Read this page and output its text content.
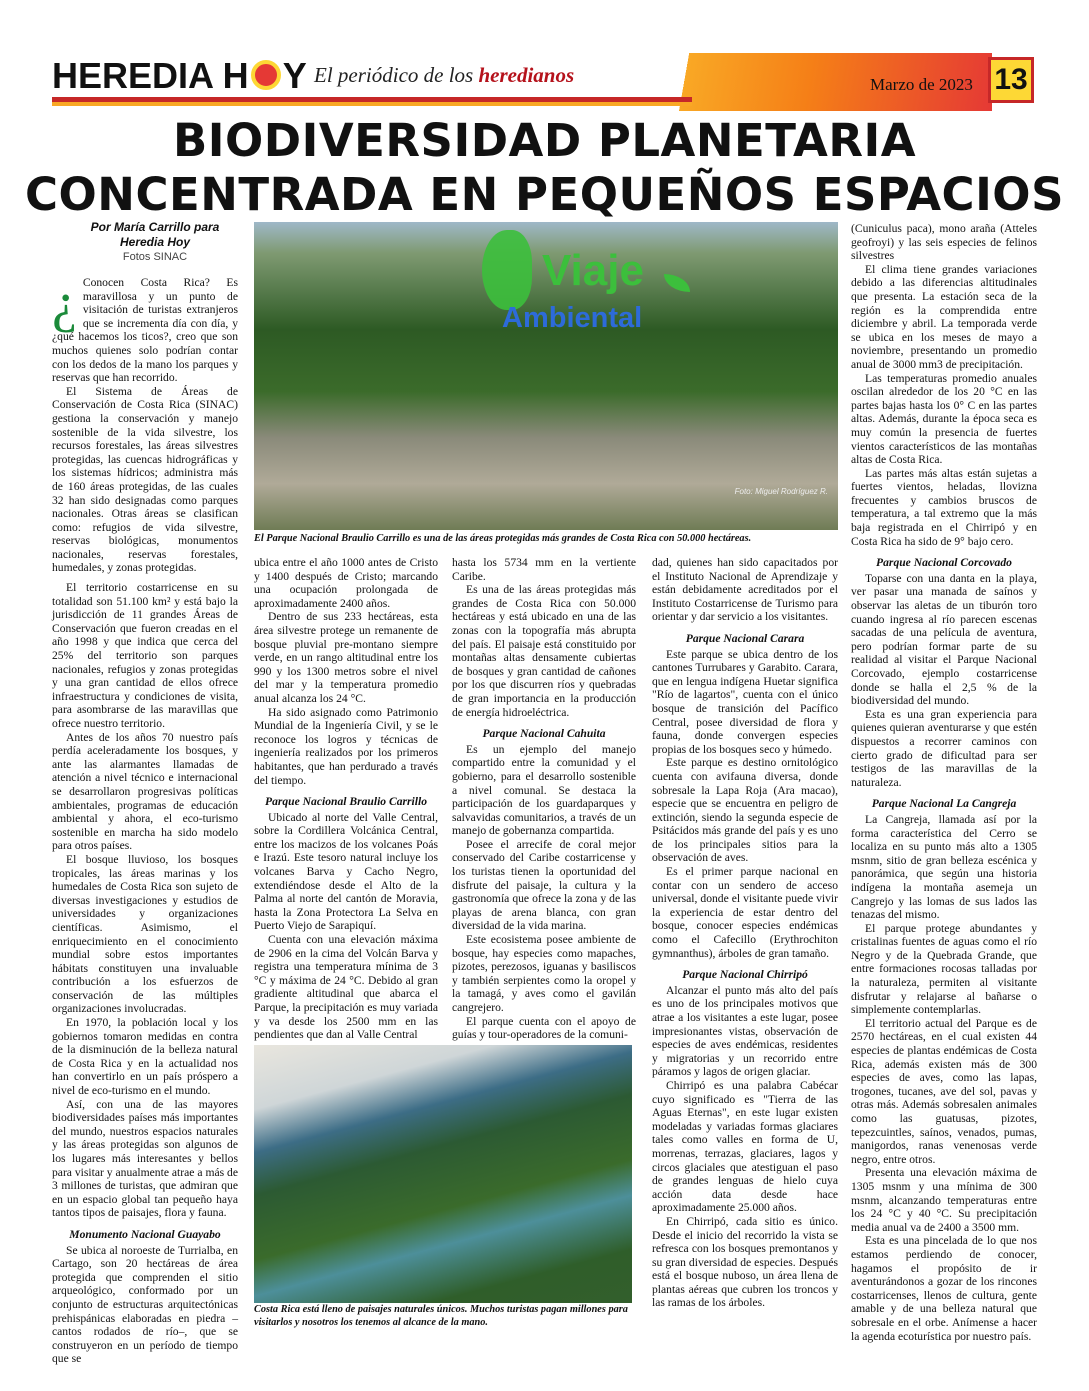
HEREDIA H Y El periódico de los heredianos	Marzo de 2023 13
BIODIVERSIDAD PLANETARIA
CONCENTRADA EN PEQUEÑOS ESPACIOS
Por María Carrillo para
Heredia Hoy
Fotos SINAC	Viaje
Ambiental
Foto: Miguel Rodríguez R.
El Parque Nacional Braulio Carrillo es una de las áreas protegidas más grandes de Costa Rica con 50.000 hectáreas.

¿ Conocen Costa Rica? Es maravillosa y un punto de visitación de turistas extranjeros que se incrementa día con día, y ¿qué hacemos los ticos?, creo que son muchos quienes solo podrían contar con los dedos de la mano los parques y reservas que han recorrido.

El Sistema de Áreas de Conservación de Costa Rica (SINAC) gestiona la conservación y manejo sostenible de la vida silvestre, los recursos forestales, las áreas silvestres protegidas, las cuencas hidrográficas y los sistemas hídricos; administra más de 160 áreas protegidas, de las cuales 32 han sido designadas como parques nacionales. Otras áreas se clasifican como: refugios de vida silvestre, reservas biológicas, monumentos nacionales, reservas forestales, humedales, y zonas protegidas.

El territorio costarricense en su totalidad son 51.100 km² y está bajo la jurisdicción de 11 grandes Áreas de Conservación que fueron creadas en el año 1998 y que indica que cerca del 25% del territorio son parques nacionales, refugios y zonas protegidas y una gran cantidad de ellos ofrece infraestructura y condiciones de visita, para asombrarse de las maravillas que ofrece nuestro territorio.

Antes de los años 70 nuestro país perdía aceleradamente los bosques, y ante las alarmantes llamadas de atención a nivel técnico e internacional se desarrollaron progresivas políticas ambientales, programas de educación ambiental y ahora, el eco-turismo sostenible en marcha ha sido modelo para otros países.

El bosque lluvioso, los bosques tropicales, las áreas marinas y los humedales de Costa Rica son sujeto de diversas investigaciones y estudios de universidades y organizaciones científicas. Asimismo, el enriquecimiento en el conocimiento mundial sobre estos importantes hábitats constituyen una invaluable contribución a los esfuerzos de conservación de las múltiples organizaciones involucradas.

En 1970, la población local y los gobiernos tomaron medidas en contra de la disminución de la belleza natural de Costa Rica y en la actualidad nos han convertirlo en un país próspero a nivel de eco-turismo en el mundo.

Así, con una de las mayores biodiversidades países más importantes del mundo, nuestros espacios naturales y las áreas protegidas son algunos de los lugares más interesantes y bellos para visitar y anualmente atrae a más de 3 millones de turistas, que admiran que en un espacio global tan pequeño haya tantos tipos de paisajes, flora y fauna.

Monumento Nacional Guayabo

Se ubica al noroeste de Turrialba, en Cartago, son 20 hectáreas de área protegida que comprenden el sitio arqueológico, conformado por un conjunto de estructuras arquitectónicas prehispánicas elaboradas en piedra – cantos rodados de río–, que se construyeron en un período de tiempo que se

ubica entre el año 1000 antes de Cristo y 1400 después de Cristo; marcando una ocupación prolongada de aproximadamente 2400 años.

Dentro de sus 233 hectáreas, esta área silvestre protege un remanente de bosque pluvial pre-montano siempre verde, en un rango altitudinal entre los 990 y los 1300 metros sobre el nivel del mar y la temperatura promedio anual alcanza los 24 °C.

Ha sido asignado como Patrimonio Mundial de la Ingeniería Civil, y se le reconoce los logros y técnicas de ingeniería realizados por los primeros habitantes, que han perdurado a través del tiempo.

Parque Nacional Braulio Carrillo

Ubicado al norte del Valle Central, sobre la Cordillera Volcánica Central, entre los macizos de los volcanes Poás e Irazú. Este tesoro natural incluye los volcanes Barva y Cacho Negro, extendiéndose desde el Alto de la Palma al norte del cantón de Moravia, hasta la Zona Protectora La Selva en Puerto Viejo de Sarapiquí.

Cuenta con una elevación máxima de 2906 en la cima del Volcán Barva y registra una temperatura mínima de 3 °C y máxima de 24 °C. Debido al gran gradiente altitudinal que abarca el Parque, la precipitación es muy variada y va desde los 2500 mm en las pendientes que dan al Valle Central

hasta los 5734 mm en la vertiente Caribe.

Es una de las áreas protegidas más grandes de Costa Rica con 50.000 hectáreas y está ubicado en una de las zonas con la topografía más abrupta del país. El paisaje está constituido por montañas altas densamente cubiertas de bosques y gran cantidad de cañones por los que discurren ríos y quebradas de gran importancia en la producción de energía hidroeléctrica.

Parque Nacional Cahuita

Es un ejemplo del manejo compartido entre la comunidad y el gobierno, para el desarrollo sostenible a nivel comunal. Se destaca la participación de los guardaparques y salvavidas comunitarios, a través de un manejo de gobernanza compartida.

Posee el arrecife de coral mejor conservado del Caribe costarricense y los turistas tienen la oportunidad del disfrute del paisaje, la cultura y la gastronomía que ofrece la zona y de las playas de arena blanca, con gran diversidad de la vida marina.

Este ecosistema posee ambiente de bosque, hay especies como mapaches, pizotes, perezosos, iguanas y basiliscos y también serpientes como la oropel y la tamagá, y aves como el gavilán cangrejero.

El parque cuenta con el apoyo de guías y tour-operadores de la comuni-

Costa Rica está lleno de paisajes naturales únicos. Muchos turistas pagan millones para visitarlos y nosotros los tenemos al alcance de la mano.

dad, quienes han sido capacitados por el Instituto Nacional de Aprendizaje y están debidamente acreditados por el Instituto Costarricense de Turismo para orientar y dar servicio a los visitantes.

Parque Nacional Carara

Este parque se ubica dentro de los cantones Turrubares y Garabito. Carara, que en lengua indígena Huetar significa "Río de lagartos", cuenta con el único bosque de transición del Pacífico Central, posee diversidad de flora y fauna, donde convergen especies propias de los bosques seco y húmedo.

Este parque es destino ornitológico cuenta con avifauna diversa, donde sobresale la Lapa Roja (Ara macao), especie que se encuentra en peligro de extinción, siendo la segunda especie de Psitácidos más grande del país y es uno de los principales sitios para la observación de aves.

Es el primer parque nacional en contar con un sendero de acceso universal, donde el visitante puede vivir la experiencia de estar dentro del bosque, conocer especies endémicas como el Cafecillo (Erythrochiton gymnanthus), árboles de gran tamaño.

Parque Nacional Chirripó

Alcanzar el punto más alto del país es uno de los principales motivos que atrae a los visitantes a este lugar, posee impresionantes vistas, observación de especies de aves endémicas, residentes y migratorias y un recorrido entre páramos y lagos de origen glaciar.

Chirripó es una palabra Cabécar cuyo significado es "Tierra de las Aguas Eternas", en este lugar existen modeladas y variadas formas glaciares tales como valles en forma de U, morrenas, terrazas, glaciares, lagos y circos glaciales que atestiguan el paso de grandes lenguas de hielo cuya acción data desde hace aproximadamente 25.000 años.

En Chirripó, cada sitio es único. Desde el inicio del recorrido la vista se refresca con los bosques premontanos y su gran diversidad de especies. Después está el bosque nuboso, un área llena de plantas aéreas que cubren los troncos y las ramas de los árboles.

(Cuniculus paca), mono araña (Atteles geofroyi) y las seis especies de felinos silvestres

El clima tiene grandes variaciones debido a las diferencias altitudinales que presenta. La estación seca de la región es la comprendida entre diciembre y abril. La temporada verde se ubica en los meses de mayo a noviembre, presentando un promedio anual de 3000 mm3 de precipitación.

Las temperaturas promedio anuales oscilan alrededor de los 20 °C en las partes bajas hasta los 0° C en las partes altas. Además, durante la época seca es muy común la presencia de fuertes vientos característicos de las montañas altas de Costa Rica.

Las partes más altas están sujetas a fuertes vientos, heladas, llovizna frecuentes y cambios bruscos de temperatura, a tal extremo que la más baja registrada en el Chirripó y en Costa Rica ha sido de 9° bajo cero.

Parque Nacional Corcovado

Toparse con una danta en la playa, ver pasar una manada de saínos y observar las aletas de un tiburón toro cuando ingresa al río parecen escenas sacadas de una película de aventura, pero podrían formar parte de su realidad al visitar el Parque Nacional Corcovado, ejemplo costarricense donde se halla el 2,5 % de la biodiversidad del mundo.

Esta es una gran experiencia para quienes quieran aventurarse y que estén dispuestos a recorrer caminos con cierto grado de dificultad para ser testigos de las maravillas de la naturaleza.

Parque Nacional La Cangreja

La Cangreja, llamada así por la forma característica del Cerro se localiza en su punto más alto a 1305 msnm, sitio de gran belleza escénica y panorámica, que según una historia indígena la montaña asemeja un Cangrejo y las lomas de sus lados las tenazas del mismo.

El parque protege abundantes y cristalinas fuentes de aguas como el río Negro y de la Quebrada Grande, que entre formaciones rocosas talladas por la naturaleza, permiten al visitante disfrutar y relajarse al bañarse o simplemente contemplarlas.

El territorio actual del Parque es de 2570 hectáreas, en el cual existen 44 especies de plantas endémicas de Costa Rica, además existen más de 300 especies de aves, como las lapas, trogones, tucanes, ave del sol, pavas y otras más. Además sobresalen animales como las guatusas, pizotes, tepezcuintles, saínos, venados, pumas, manigordos, ranas venenosas verde negro, entre otros.

Presenta una elevación máxima de 1305 msnm y una mínima de 300 msnm, alcanzando temperaturas entre los 24 °C y 40 °C. Su precipitación media anual va de 2400 a 3500 mm.

Esta es una pincelada de lo que nos estamos perdiendo de conocer, hagamos el propósito de ir aventurándonos a gozar de los rincones costarricenses, llenos de cultura, gente amable y de una belleza natural que sobresale en el orbe. Anímense a hacer la agenda ecoturística por nuestro país.
